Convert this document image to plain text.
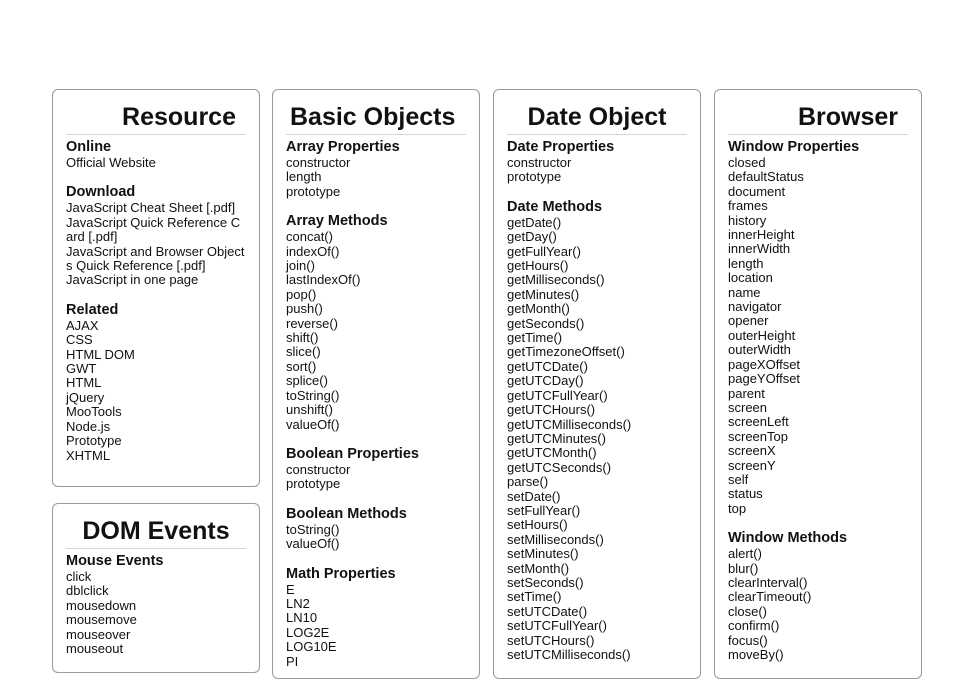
Resource
Online
Official Website
Download
JavaScript Cheat Sheet [.pdf]
JavaScript Quick Reference Card [.pdf]
JavaScript and Browser Objects Quick Reference [.pdf]
JavaScript in one page
Related
AJAX
CSS
HTML DOM
GWT
HTML
jQuery
MooTools
Node.js
Prototype
XHTML
DOM Events
Mouse Events
click
dblclick
mousedown
mousemove
mouseover
mouseout
Basic Objects
Array Properties
constructor
length
prototype
Array Methods
concat()
indexOf()
join()
lastIndexOf()
pop()
push()
reverse()
shift()
slice()
sort()
splice()
toString()
unshift()
valueOf()
Boolean Properties
constructor
prototype
Boolean Methods
toString()
valueOf()
Math Properties
E
LN2
LN10
LOG2E
LOG10E
PI
Date Object
Date Properties
constructor
prototype
Date Methods
getDate()
getDay()
getFullYear()
getHours()
getMilliseconds()
getMinutes()
getMonth()
getSeconds()
getTime()
getTimezoneOffset()
getUTCDate()
getUTCDay()
getUTCFullYear()
getUTCHours()
getUTCMilliseconds()
getUTCMinutes()
getUTCMonth()
getUTCSeconds()
parse()
setDate()
setFullYear()
setHours()
setMilliseconds()
setMinutes()
setMonth()
setSeconds()
setTime()
setUTCDate()
setUTCFullYear()
setUTCHours()
setUTCMilliseconds()
Browser
Window Properties
closed
defaultStatus
document
frames
history
innerHeight
innerWidth
length
location
name
navigator
opener
outerHeight
outerWidth
pageXOffset
pageYOffset
parent
screen
screenLeft
screenTop
screenX
screenY
self
status
top
Window Methods
alert()
blur()
clearInterval()
clearTimeout()
close()
confirm()
focus()
moveBy()
